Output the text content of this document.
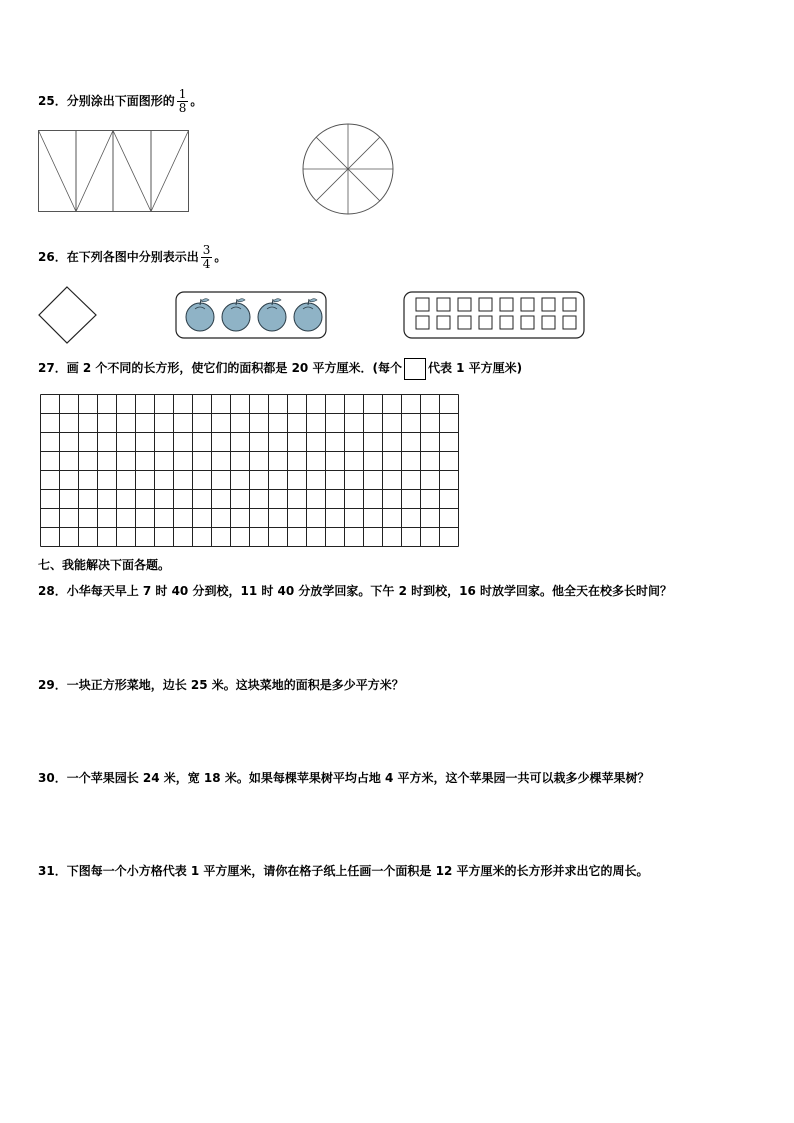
25．分别涂出下面图形的 $\frac{1}{8}$ 。
26．在下列各图中分别表示出 $\frac{3}{4}$ 。
27．画 2 个不同的长方形，使它们的面积都是 20 平方厘米．(每个 代表 1 平方厘米)
七、我能解决下面各题。
28．小华每天早上 7 时 40 分到校，11 时 40 分放学回家。下午 2 时到校，16 时放学回家。他全天在校多长时间？
29．一块正方形菜地，边长 25 米。这块菜地的面积是多少平方米？
30．一个苹果园长 24 米，宽 18 米。如果每棵苹果树平均占地 4 平方米，这个苹果园一共可以栽多少棵苹果树？
31．下图每一个小方格代表 1 平方厘米，请你在格子纸上任画一个面积是 12 平方厘米的长方形并求出它的周长。
